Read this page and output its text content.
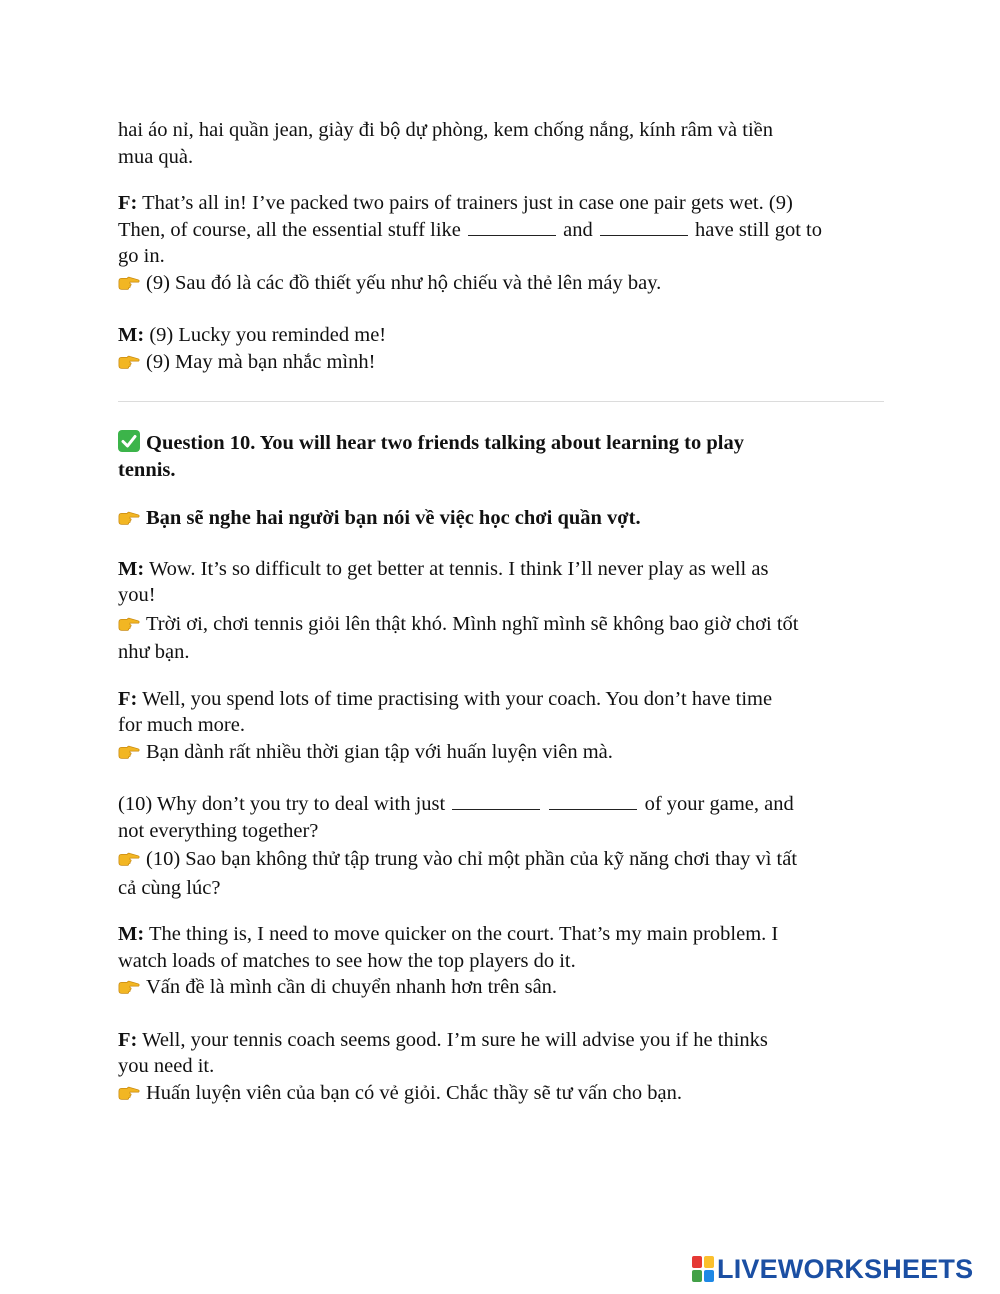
hai áo nỉ, hai quần jean, giày đi bộ dự phòng, kem chống nắng, kính râm và tiền

mua quà.

F: That’s all in! I’ve packed two pairs of trainers just in case one pair gets wet. (9)

Then, of course, all the essential stuff like	and	have still got to

go in.

(9) Sau đó là các đồ thiết yếu như hộ chiếu và thẻ lên máy bay.

M: (9) Lucky you reminded me!

(9) May mà bạn nhắc mình!

Question 10. You will hear two friends talking about learning to play

tennis.

Bạn sẽ nghe hai người bạn nói về việc học chơi quần vợt.

M: Wow. It’s so difficult to get better at tennis. I think I’ll never play as well as

you!

Trời ơi, chơi tennis giỏi lên thật khó. Mình nghĩ mình sẽ không bao giờ chơi tốt

như bạn.

F: Well, you spend lots of time practising with your coach. You don’t have time

for much more.

Bạn dành rất nhiều thời gian tập với huấn luyện viên mà.

(10) Why don’t you try to deal with just	of your game, and

not everything together?

(10) Sao bạn không thử tập trung vào chỉ một phần của kỹ năng chơi thay vì tất

cả cùng lúc?

M: The thing is, I need to move quicker on the court. That’s my main problem. I

watch loads of matches to see how the top players do it.

Vấn đề là mình cần di chuyển nhanh hơn trên sân.

F: Well, your tennis coach seems good. I’m sure he will advise you if he thinks

you need it.

Huấn luyện viên của bạn có vẻ giỏi. Chắc thầy sẽ tư vấn cho bạn.

LIVEWORKSHEETS
